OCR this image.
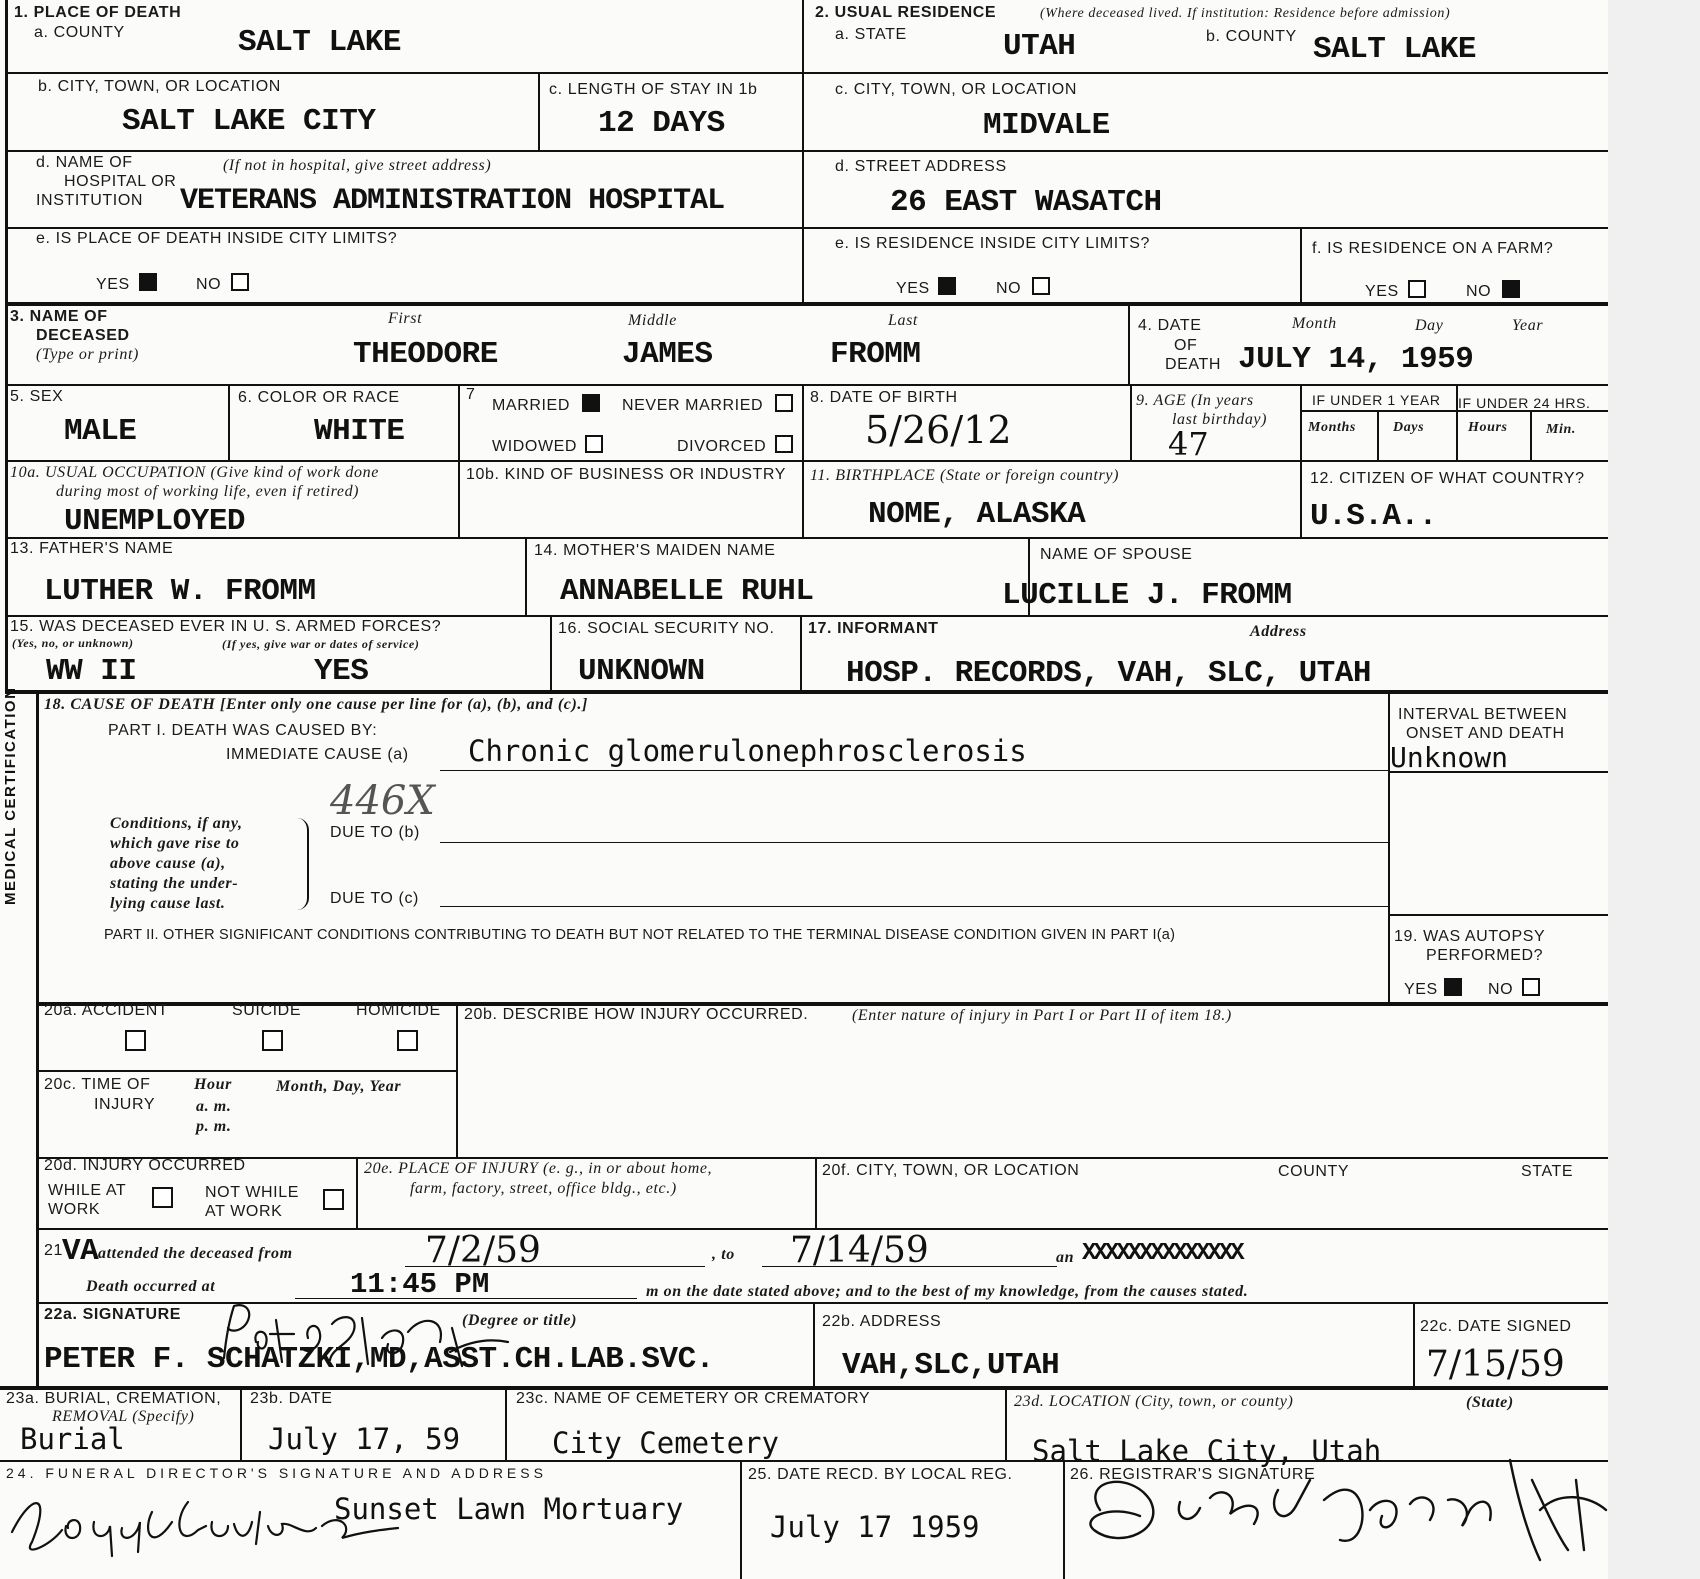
1. PLACE OF DEATH
a. COUNTY	SALT LAKE
2. USUAL RESIDENCE	(Where deceased lived. If institution: Residence before admission)
a. STATE	UTAH	b. COUNTY SALT LAKE
b. CITY, TOWN, OR LOCATION
SALT LAKE CITY
c. LENGTH OF STAY IN 1b
12 DAYS
c. CITY, TOWN, OR LOCATION
MIDVALE
d. NAME OF
HOSPITAL OR
INSTITUTION
(If not in hospital, give street address)
VETERANS ADMINISTRATION HOSPITAL
d. STREET ADDRESS
26 EAST WASATCH
e. IS PLACE OF DEATH INSIDE CITY LIMITS?
YES	NO
e. IS RESIDENCE INSIDE CITY LIMITS?
YES	NO
f. IS RESIDENCE ON A FARM?
YES	NO
3. NAME OF
DECEASED
(Type or print)
First	Middle	Last
THEODORE	JAMES	FROMM
4. DATE
OF
DEATH
Month	Day	Year
JULY 14, 1959
5. SEX
MALE
6. COLOR OR RACE
WHITE
7
MARRIED	NEVER MARRIED
WIDOWED	DIVORCED
8. DATE OF BIRTH
5/26/12
9. AGE (In years
last birthday)
47
IF UNDER 1 YEAR IF UNDER 24 HRS.
Months	Days	Hours	Min.
10a. USUAL OCCUPATION (Give kind of work done
during most of working life, even if retired)
UNEMPLOYED
10b. KIND OF BUSINESS OR INDUSTRY 11. BIRTHPLACE (State or foreign country)
NOME, ALASKA
12. CITIZEN OF WHAT COUNTRY?
U.S.A..
13. FATHER'S NAME
LUTHER W. FROMM
14. MOTHER'S MAIDEN NAME
ANNABELLE RUHL
NAME OF SPOUSE
LUCILLE J. FROMM
15. WAS DECEASED EVER IN U. S. ARMED FORCES?
(Yes, no, or unknown)	(If yes, give war or dates of service)
WW II	YES
16. SOCIAL SECURITY NO.
UNKNOWN
17. INFORMANT	Address
HOSP. RECORDS, VAH, SLC, UTAH
MEDICAL CERTIFICATION 18. CAUSE OF DEATH [Enter only one cause per line for (a), (b), and (c).]
PART I. DEATH WAS CAUSED BY:
IMMEDIATE CAUSE (a) Chronic glomerulonephrosclerosis
446X
Conditions, if any,
which gave rise to
above cause (a),
stating the under-
lying cause last.
DUE TO (b)
DUE TO (c)
INTERVAL BETWEEN
ONSET AND DEATH
Unknown
PART II. OTHER SIGNIFICANT CONDITIONS CONTRIBUTING TO DEATH BUT NOT RELATED TO THE TERMINAL DISEASE CONDITION GIVEN IN PART I(a)	19. WAS AUTOPSY
PERFORMED?
YES	NO
20a. ACCIDENT	SUICIDE	HOMICIDE 20b. DESCRIBE HOW INJURY OCCURRED.	(Enter nature of injury in Part I or Part II of item 18.)
20c. TIME OF
INJURY
Hour	Month, Day, Year
a. m.
p. m.
20d. INJURY OCCURRED
WHILE AT
WORK
NOT WHILE
AT WORK
20e. PLACE OF INJURY (e. g., in or about home,
farm, factory, street, office bldg., etc.)
20f. CITY, TOWN, OR LOCATION	COUNTY	STATE
21 VA attended the deceased from	7/2/59	, to 7/14/59	an XXXXXXXXXXXXXX
Death occurred at	11:45 PM	m on the date stated above; and to the best of my knowledge, from the causes stated.
22a. SIGNATURE	(Degree or title)
PETER F. SCHATZKI,MD,ASST.CH.LAB.SVC.
22b. ADDRESS
VAH,SLC,UTAH
22c. DATE SIGNED
7/15/59
23a. BURIAL, CREMATION,
REMOVAL (Specify)
Burial
23b. DATE
July 17, 59
23c. NAME OF CEMETERY OR CREMATORY
City Cemetery
23d. LOCATION (City, town, or county)	(State)
Salt Lake City, Utah
24. FUNERAL DIRECTOR'S SIGNATURE AND ADDRESS
Sunset Lawn Mortuary
25. DATE RECD. BY LOCAL REG.
July 17 1959
26. REGISTRAR'S SIGNATURE
